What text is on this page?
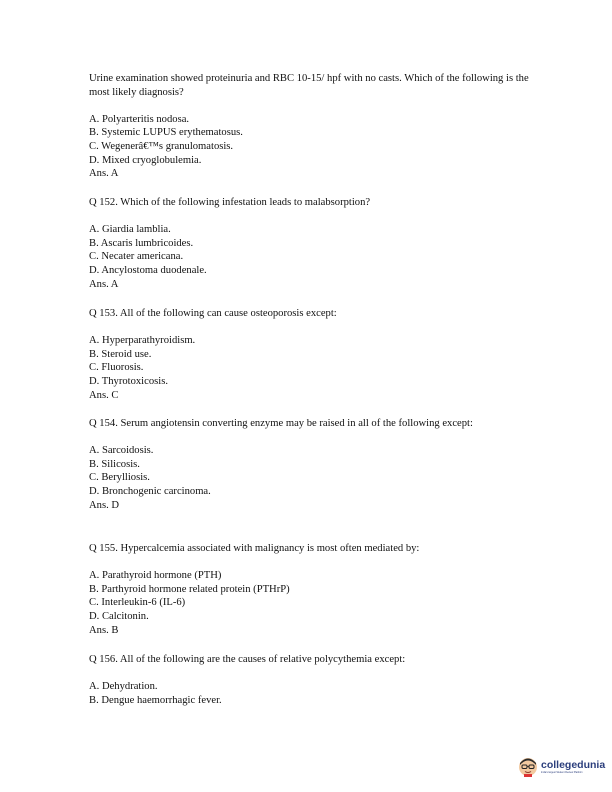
Urine examination showed proteinuria and RBC 10-15/ hpf with no casts. Which of the following is the most likely diagnosis?

A. Polyarteritis nodosa.
B. Systemic LUPUS erythematosus.
C. Wegenerâ€™s granulomatosis.
D. Mixed cryoglobulemia.
Ans. A

Q 152. Which of the following infestation leads to malabsorption?

A. Giardia lamblia.
B. Ascaris lumbricoides.
C. Necater americana.
D. Ancylostoma duodenale.
Ans. A

Q 153. All of the following can cause osteoporosis except:

A. Hyperparathyroidism.
B. Steroid use.
C. Fluorosis.
D. Thyrotoxicosis.
Ans. C

Q 154. Serum angiotensin converting enzyme may be raised in all of the following except:

A. Sarcoidosis.
B. Silicosis.
C. Berylliosis.
D. Bronchogenic carcinoma.
Ans. D

Q 155. Hypercalcemia associated with malignancy is most often mediated by:

A. Parathyroid hormone (PTH)
B. Parthyroid hormone related protein (PTHrP)
C. Interleukin-6 (IL-6)
D. Calcitonin.
Ans. B

Q 156. All of the following are the causes of relative polycythemia except:

A. Dehydration.
B. Dengue haemorrhagic fever.
collegedunia
India's largest Student Review Platform
